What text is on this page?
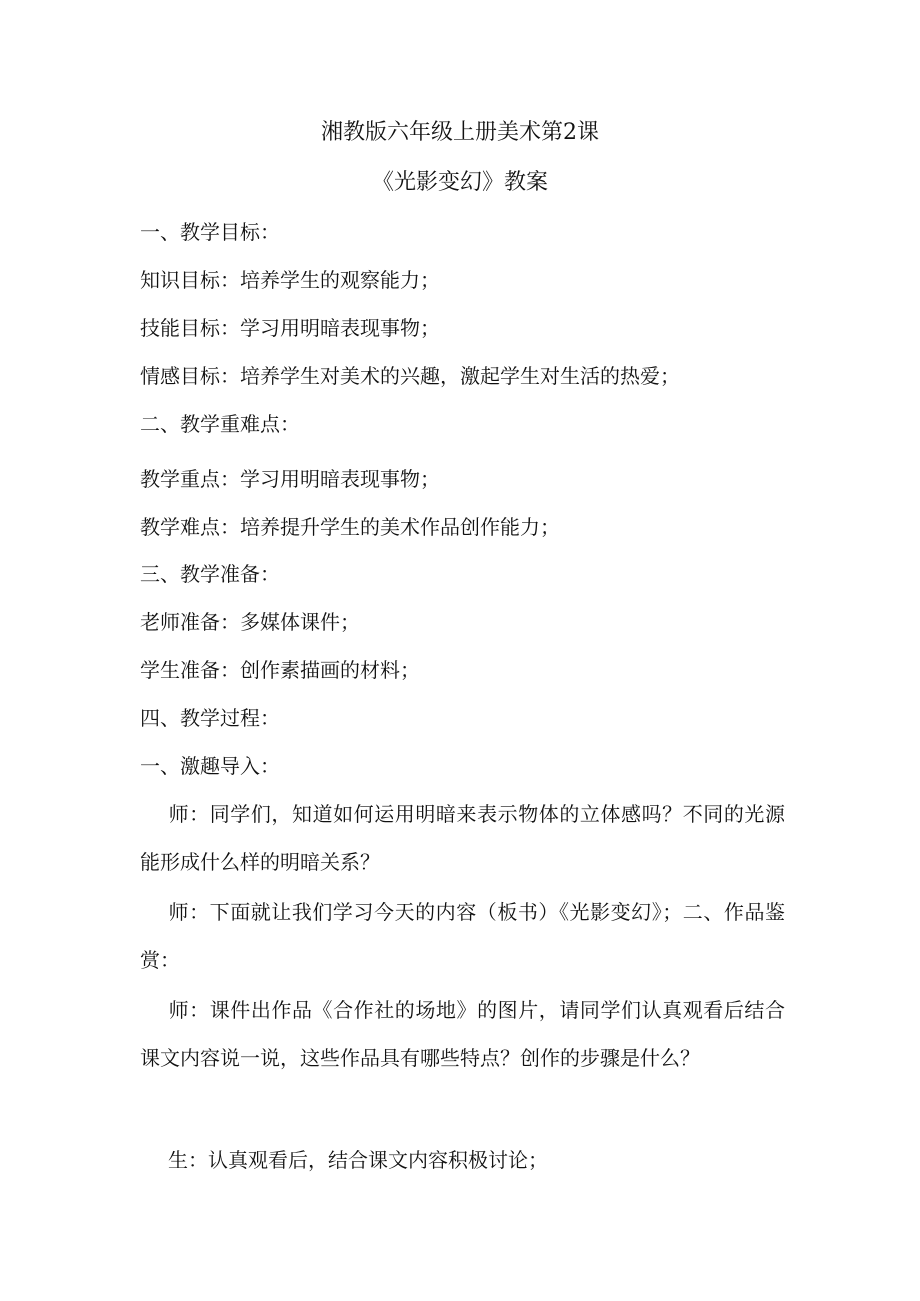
湘教版六年级上册美术第2课
《光影变幻》教案
一、教学目标：
知识目标：培养学生的观察能力；
技能目标：学习用明暗表现事物；
情感目标：培养学生对美术的兴趣，激起学生对生活的热爱；
二、教学重难点：
教学重点：学习用明暗表现事物；
教学难点：培养提升学生的美术作品创作能力；
三、教学准备：
老师准备：多媒体课件；
学生准备：创作素描画的材料；
四、教学过程：
一、激趣导入：
师：同学们，知道如何运用明暗来表示物体的立体感吗？不同的光源能形成什么样的明暗关系？
师：下面就让我们学习今天的内容（板书）《光影变幻》；二、作品鉴赏：
师：课件出作品《合作社的场地》的图片，请同学们认真观看后结合课文内容说一说，这些作品具有哪些特点？创作的步骤是什么？
生：认真观看后，结合课文内容积极讨论；
